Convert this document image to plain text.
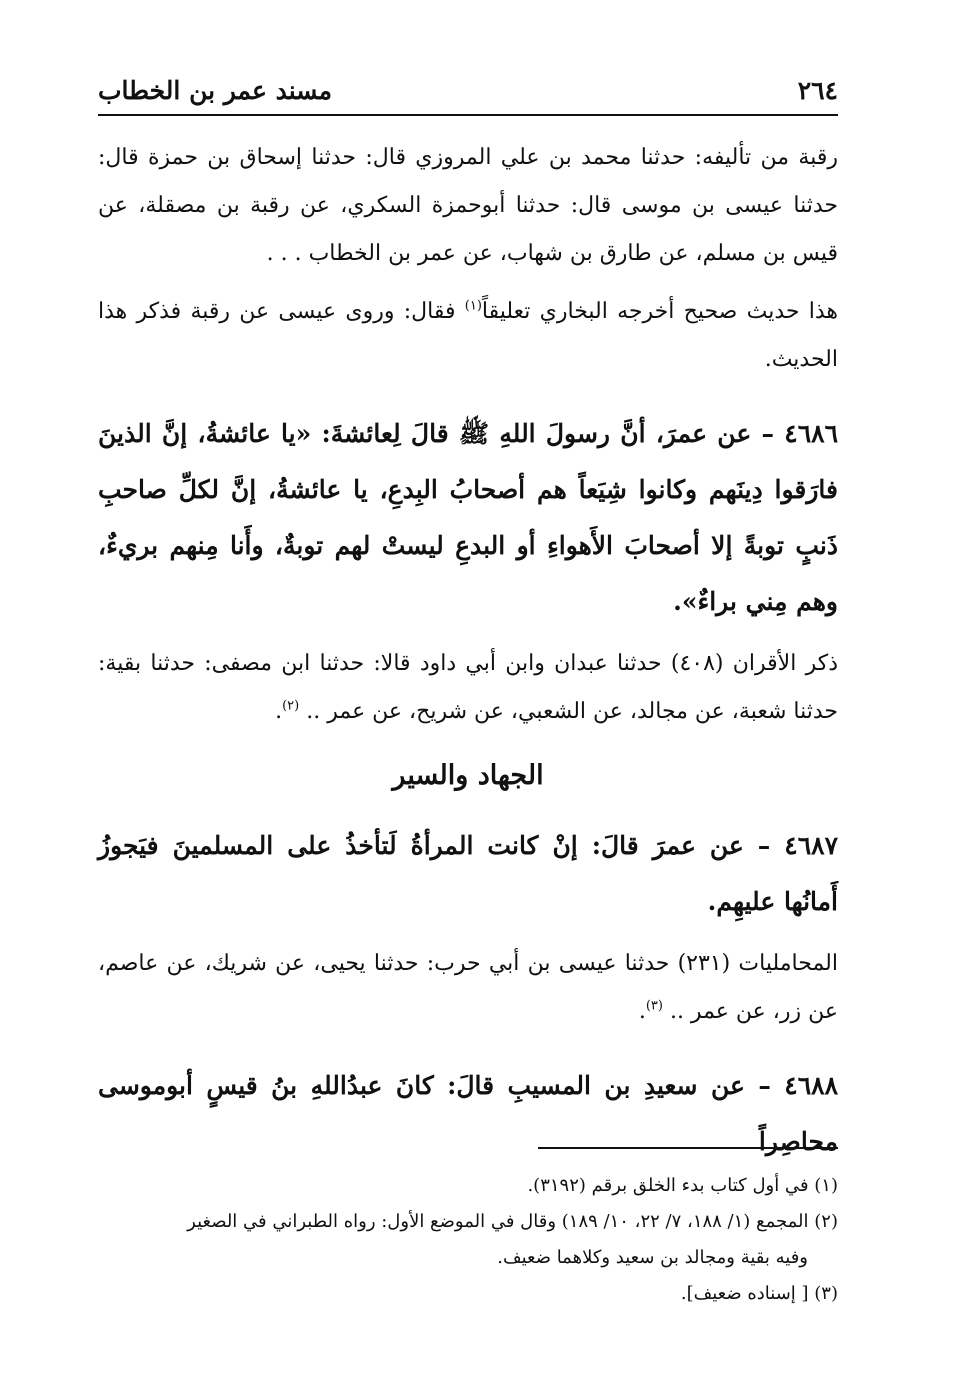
٢٦٤
مسند عمر بن الخطاب

رقبة من تأليفه: حدثنا محمد بن علي المروزي قال: حدثنا إسحاق بن حمزة قال: حدثنا عيسى بن موسى قال: حدثنا أبوحمزة السكري، عن رقبة بن مصقلة، عن قيس بن مسلم، عن طارق بن شهاب، عن عمر بن الخطاب . . .

هذا حديث صحيح أخرجه البخاري تعليقاً$^{(١)}$ فقال: وروى عيسى عن رقبة فذكر هذا الحديث.

٤٦٨٦ – عن عمرَ، أنَّ رسولَ اللهِ ﷺ قالَ لِعائشةَ: «يا عائشةُ، إنَّ الذينَ فارَقوا دِينَهم وكانوا شِيَعاً هم أصحابُ البِدعِ، يا عائشةُ، إنَّ لكلِّ صاحبِ ذَنبٍ توبةً إلا أصحابَ الأَهواءِ أو البدعِ ليستْ لهم توبةٌ، وأَنا مِنهم بريءٌ، وهم مِني براءٌ».

ذكر الأقران (٤٠٨) حدثنا عبدان وابن أبي داود قالا: حدثنا ابن مصفى: حدثنا بقية: حدثنا شعبة، عن مجالد، عن الشعبي، عن شريح، عن عمر .. $^{(٢)}$.

الجهاد والسير

٤٦٨٧ – عن عمرَ قالَ: إنْ كانت المرأةُ لَتأخذُ على المسلمينَ فيَجوزُ أَمانُها عليهِم.

المحامليات (٢٣١) حدثنا عيسى بن أبي حرب: حدثنا يحيى، عن شريك، عن عاصم، عن زر، عن عمر .. $^{(٣)}$.

٤٦٨٨ – عن سعيدِ بن المسيبِ قالَ: كانَ عبدُاللهِ بنُ قيسٍ أبوموسى محاصِراً

(١) في أول كتاب بدء الخلق برقم (٣١٩٢).

(٢) المجمع (١/ ١٨٨، ٧/ ٢٢، ١٠/ ١٨٩) وقال في الموضع الأول: رواه الطبراني في الصغير

وفيه بقية ومجالد بن سعيد وكلاهما ضعيف.

(٣) [ إسناده ضعيف].
